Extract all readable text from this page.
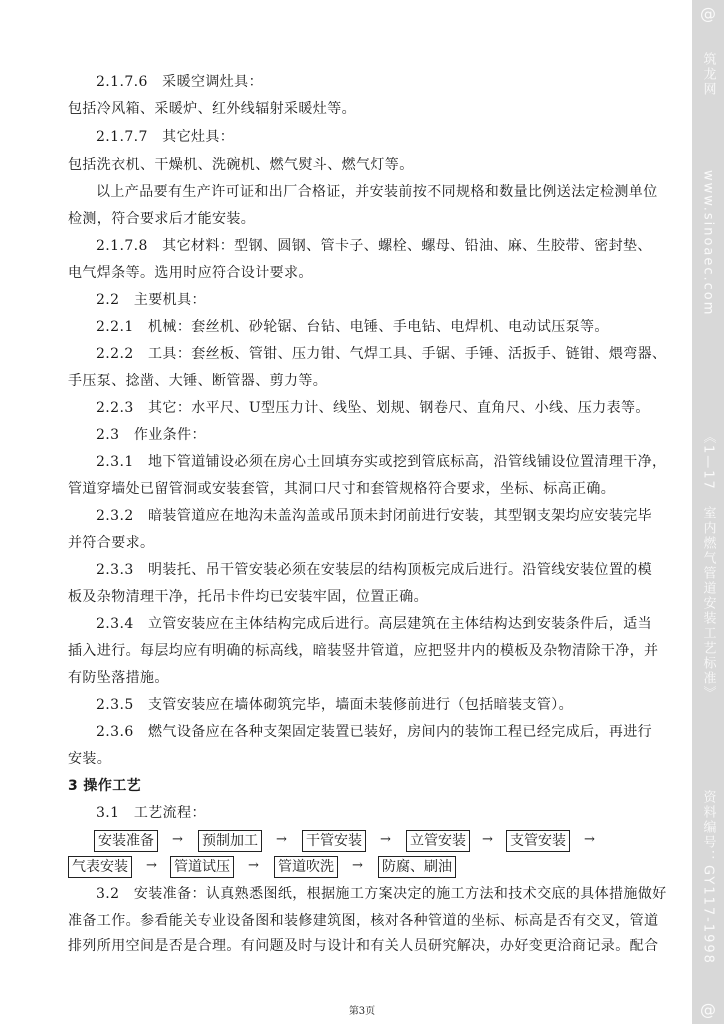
2.1.7.6　采暖空调灶具：
包括冷风箱、采暖炉、红外线辐射采暖灶等。
2.1.7.7　其它灶具：
包括洗衣机、干燥机、洗碗机、燃气熨斗、燃气灯等。
以上产品要有生产许可证和出厂合格证，并安装前按不同规格和数量比例送法定检测单位
检测，符合要求后才能安装。
2.1.7.8　其它材料：型钢、圆钢、管卡子、螺栓、螺母、铅油、麻、生胶带、密封垫、
电气焊条等。选用时应符合设计要求。
2.2　主要机具：
2.2.1　机械：套丝机、砂轮锯、台钻、电锤、手电钻、电焊机、电动试压泵等。
2.2.2　工具：套丝板、管钳、压力钳、气焊工具、手锯、手锤、活扳手、链钳、煨弯器、
手压泵、捻凿、大锤、断管器、剪力等。
2.2.3　其它：水平尺、U型压力计、线坠、划规、钢卷尺、直角尺、小线、压力表等。
2.3　作业条件：
2.3.1　地下管道铺设必须在房心土回填夯实或挖到管底标高，沿管线铺设位置清理干净，
管道穿墙处已留管洞或安装套管，其洞口尺寸和套管规格符合要求，坐标、标高正确。
2.3.2　暗装管道应在地沟未盖沟盖或吊顶未封闭前进行安装，其型钢支架均应安装完毕
并符合要求。
2.3.3　明装托、吊干管安装必须在安装层的结构顶板完成后进行。沿管线安装位置的模
板及杂物清理干净，托吊卡件均已安装牢固，位置正确。
2.3.4　立管安装应在主体结构完成后进行。高层建筑在主体结构达到安装条件后，适当
插入进行。每层均应有明确的标高线，暗装竖井管道，应把竖井内的模板及杂物清除干净，并
有防坠落措施。
2.3.5　支管安装应在墙体砌筑完毕，墙面未装修前进行（包括暗装支管）。
2.3.6　燃气设备应在各种支架固定装置已装好，房间内的装饰工程已经完成后，再进行
安装。
3 操作工艺
3.1　工艺流程：
安装准备	→ 预制加工	→ 干管安装	→ 立管安装	→ 支管安装	→
气表安装	→ 管道试压	→ 管道吹洗	→ 防腐、刷油
3.2　安装准备：认真熟悉图纸，根据施工方案决定的施工方法和技术交底的具体措施做好
准备工作。参看能关专业设备图和装修建筑图，核对各种管道的坐标、标高是否有交叉，管道
排列所用空间是否是合理。有问题及时与设计和有关人员研究解决，办好变更洽商记录。配合
第3页
@
筑龙网
www.sinoaec.com
《1—17　室内燃气管道安装工艺标准》
资料编号：GY117-1998
@
